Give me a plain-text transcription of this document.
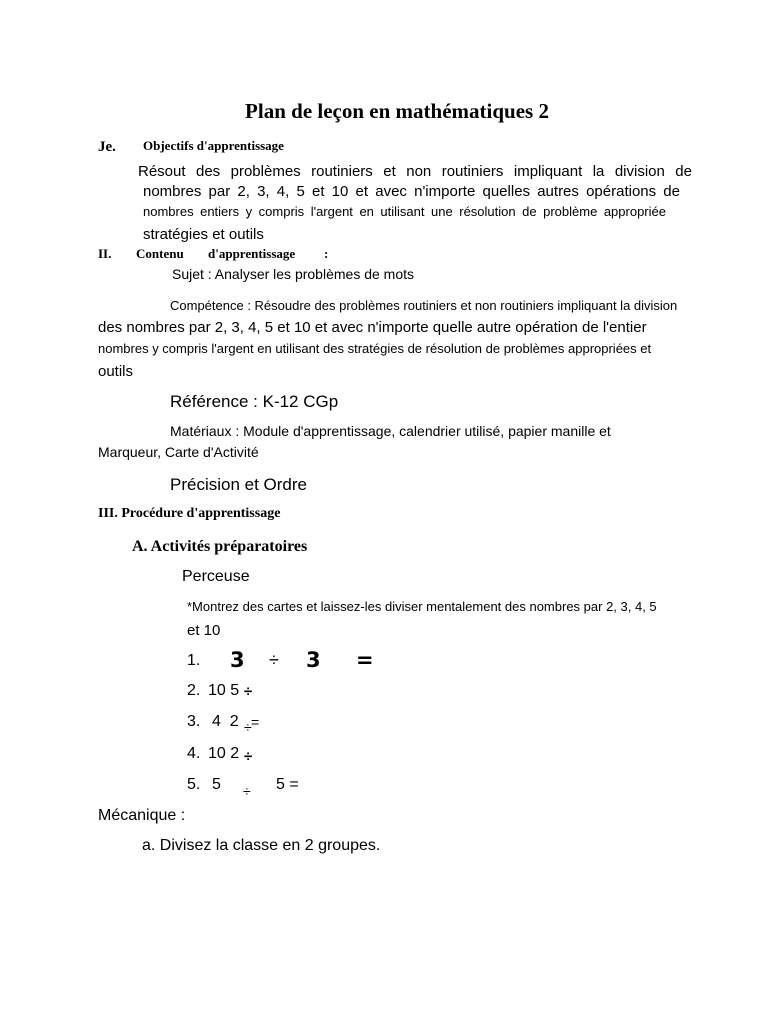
Plan de leçon en mathématiques 2
Je. Objectifs d'apprentissage
Résout des problèmes routiniers et non routiniers impliquant la division de
nombres par 2, 3, 4, 5 et 10 et avec n'importe quelles autres opérations de
nombres entiers y compris l'argent en utilisant une résolution de problème appropriée
stratégies et outils
II. Contenu d'apprentissage :
Sujet : Analyser les problèmes de mots
Compétence : Résoudre des problèmes routiniers et non routiniers impliquant la division
des nombres par 2, 3, 4, 5 et 10 et avec n'importe quelle autre opération de l'entier
nombres y compris l'argent en utilisant des stratégies de résolution de problèmes appropriées et
outils
Référence : K-12 CGp
Matériaux : Module d'apprentissage, calendrier utilisé, papier manille et
Marqueur, Carte d'Activité
Précision et Ordre
III. Procédure d'apprentissage
A. Activités préparatoires
Perceuse
*Montrez des cartes et laissez-les diviser mentalement des nombres par 2, 3, 4, 5
et 10
1. 3 ÷ 3 =
2. 10 5 ÷
3. 4  2 ÷ =
4. 10 2 ÷
5. 5 ÷ 5 =
Mécanique :
a. Divisez la classe en 2 groupes.
